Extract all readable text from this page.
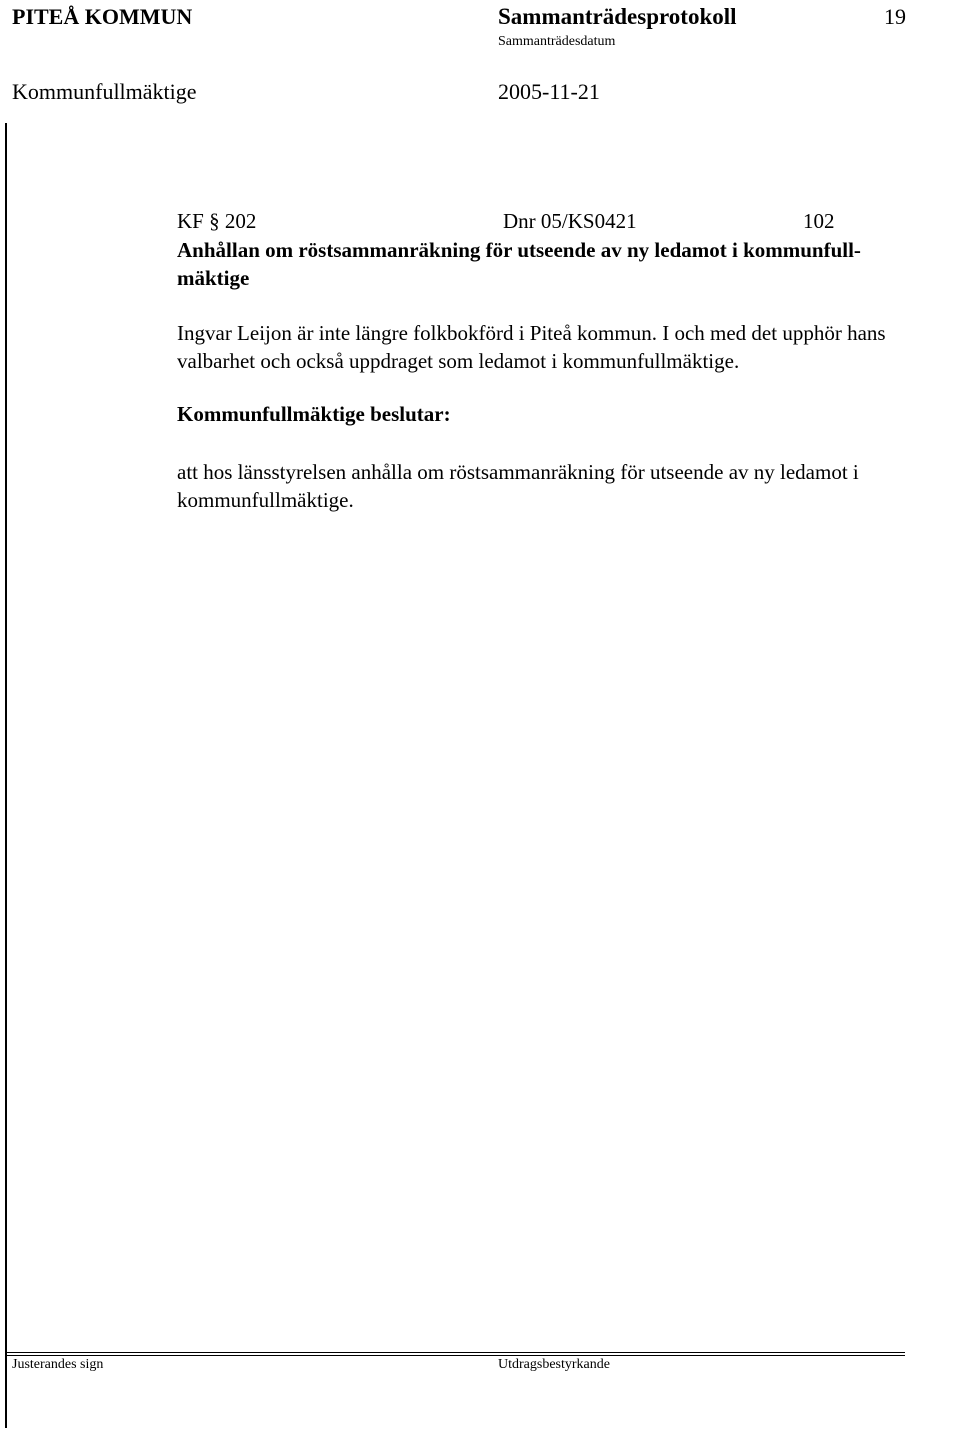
PITEÅ KOMMUN	Sammanträdesprotokoll	19
Sammanträdesdatum
Kommunfullmäktige	2005-11-21
KF § 202	Dnr 05/KS0421	102
Anhållan om röstsammanräkning för utseende av ny ledamot i kommunfull-
mäktige
Ingvar Leijon är inte längre folkbokförd i Piteå kommun. I och med det upphör hans valbarhet och också uppdraget som ledamot i kommunfullmäktige.
Kommunfullmäktige beslutar:
att hos länsstyrelsen anhålla om röstsammanräkning för utseende av ny ledamot i kommunfullmäktige.
Justerandes sign	Utdragsbestyrkande
